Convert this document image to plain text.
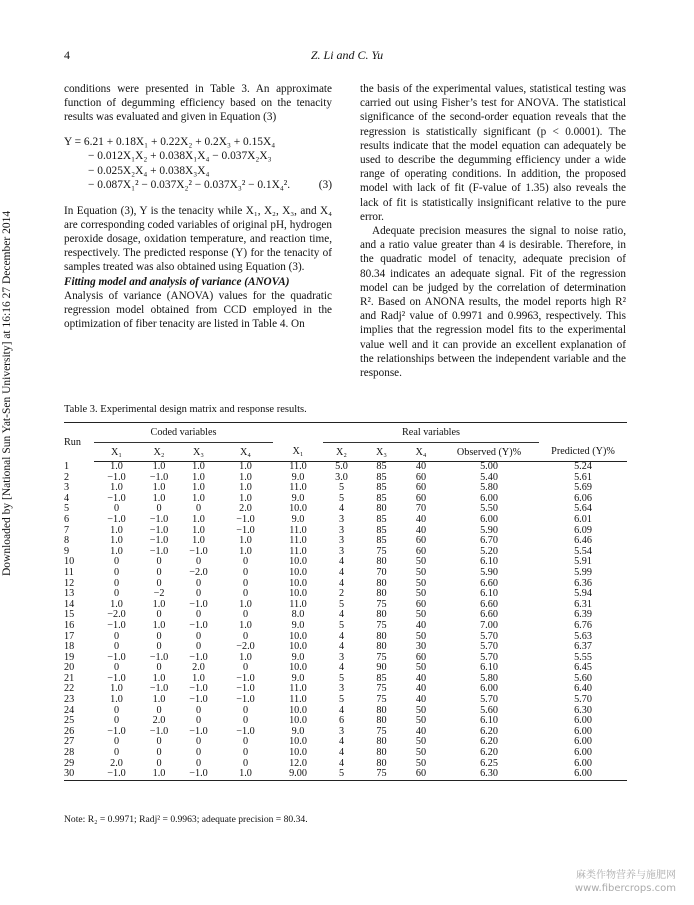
4	Z. Li and C. Yu
Downloaded by [National Sun Yat-Sen University] at 16:16 27 December 2014

conditions were presented in Table 3. An approximate function of degumming efficiency based on the tenacity results was evaluated and given in Equation (3)

Y = 6.21 + 0.18X₁ + 0.22X₂ + 0.2X₃ + 0.15X₄
− 0.012X₁X₂ + 0.038X₁X₄ − 0.037X₂X₃
− 0.025X₂X₄ + 0.038X₃X₄
− 0.087X₁² − 0.037X₂² − 0.037X₃² − 0.1X₄².	(3)

In Equation (3), Y is the tenacity while X₁, X₂, X₃, and X₄ are corresponding coded variables of original pH, hydrogen peroxide dosage, oxidation temperature, and reaction time, respectively. The predicted response (Y) for the tenacity of samples treated was also obtained using Equation (3).

Fitting model and analysis of variance (ANOVA)

Analysis of variance (ANOVA) values for the quadratic regression model obtained from CCD employed in the optimization of fiber tenacity are listed in Table 4. On

the basis of the experimental values, statistical testing was carried out using Fisher’s test for ANOVA. The statistical significance of the second-order equation reveals that the regression is statistically significant (p < 0.0001). The results indicate that the model equation can adequately be used to describe the degumming efficiency under a wide range of operating conditions. In addition, the proposed model with lack of fit (F-value of 1.35) also reveals the lack of fit is statistically insignificant relative to the pure error.

Adequate precision measures the signal to noise ratio, and a ratio value greater than 4 is desirable. Therefore, in the quadratic model of tenacity, adequate precision of 80.34 indicates an adequate signal. Fit of the regression model can be judged by the correlation of determination R². Based on ANONA results, the model reports high R² and Radj² value of 0.9971 and 0.9963, respectively. This implies that the regression model fits to the experimental value well and it can provide an excellent explanation of the relationships between the independent variable and the response.

Table 3. Experimental design matrix and response results.
Run	Coded variables					Real variables				
	X₁	X₂	X₃	X₄	X₁	X₂	X₃	X₄	Observed (Y)%	Predicted (Y)%
1	1.0	1.0	1.0	1.0	11.0	5.0	85	40	5.00	5.24
2	−1.0	−1.0	1.0	1.0	9.0	3.0	85	60	5.40	5.61
3	1.0	1.0	1.0	1.0	11.0	5	85	60	5.80	5.69
4	−1.0	1.0	1.0	1.0	9.0	5	85	60	6.00	6.06
5	0	0	0	2.0	10.0	4	80	70	5.50	5.64
6	−1.0	−1.0	1.0	−1.0	9.0	3	85	40	6.00	6.01
7	1.0	−1.0	1.0	−1.0	11.0	3	85	40	5.90	6.09
8	1.0	−1.0	1.0	1.0	11.0	3	85	60	6.70	6.46
9	1.0	−1.0	−1.0	1.0	11.0	3	75	60	5.20	5.54
10	0	0	0	0	10.0	4	80	50	6.10	5.91
11	0	0	−2.0	0	10.0	4	70	50	5.90	5.99
12	0	0	0	0	10.0	4	80	50	6.60	6.36
13	0	−2	0	0	10.0	2	80	50	6.10	5.94
14	1.0	1.0	−1.0	1.0	11.0	5	75	60	6.60	6.31
15	−2.0	0	0	0	8.0	4	80	50	6.60	6.39
16	−1.0	1.0	−1.0	1.0	9.0	5	75	40	7.00	6.76
17	0	0	0	0	10.0	4	80	50	5.70	5.63
18	0	0	0	−2.0	10.0	4	80	30	5.70	6.37
19	−1.0	−1.0	−1.0	1.0	9.0	3	75	60	5.70	5.55
20	0	0	2.0	0	10.0	4	90	50	6.10	6.45
21	−1.0	1.0	1.0	−1.0	9.0	5	85	40	5.80	5.60
22	1.0	−1.0	−1.0	−1.0	11.0	3	75	40	6.00	6.40
23	1.0	1.0	−1.0	−1.0	11.0	5	75	40	5.70	5.70
24	0	0	0	0	10.0	4	80	50	5.60	6.30
25	0	2.0	0	0	10.0	6	80	50	6.10	6.00
26	−1.0	−1.0	−1.0	−1.0	9.0	3	75	40	6.20	6.00
27	0	0	0	0	10.0	4	80	50	6.20	6.00
28	0	0	0	0	10.0	4	80	50	6.20	6.00
29	2.0	0	0	0	12.0	4	80	50	6.25	6.00
30	−1.0	1.0	−1.0	1.0	9.00	5	75	60	6.30	6.00
Note: R₂ = 0.9971; Radj² = 0.9963; adequate precision = 80.34.
麻类作物营养与施肥网
www.fibercrops.com
